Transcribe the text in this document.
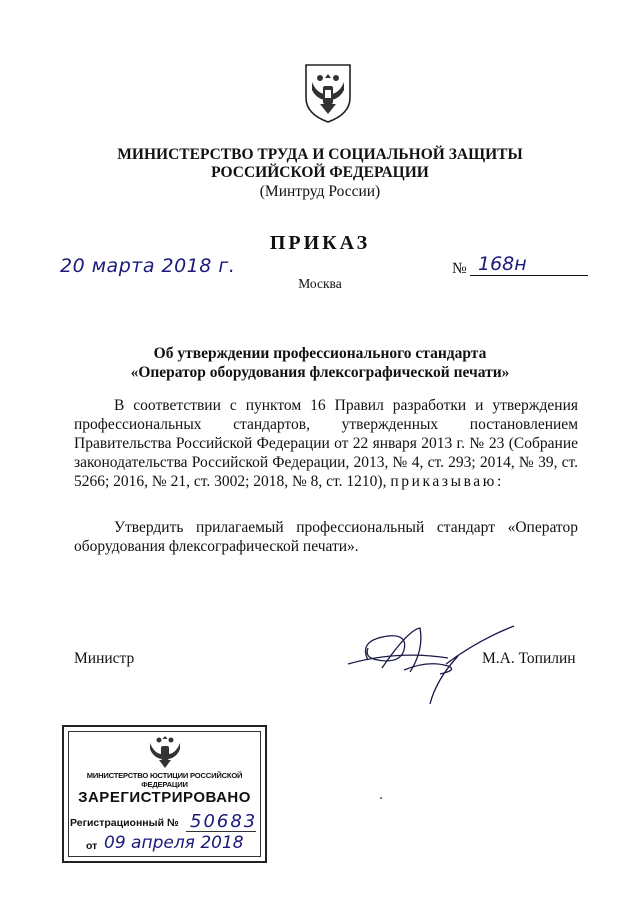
МИНИСТЕРСТВО ТРУДА И СОЦИАЛЬНОЙ ЗАЩИТЫ
РОССИЙСКОЙ ФЕДЕРАЦИИ
(Минтруд России)
ПРИКАЗ
20 марта 2018 г.	№ 168н
Москва
Об утверждении профессионального стандарта
«Оператор оборудования флексографической печати»
В соответствии с пунктом 16 Правил разработки и утверждения профессиональных стандартов, утвержденных постановлением Правительства Российской Федерации от 22 января 2013 г. № 23 (Собрание законодательства Российской Федерации, 2013, № 4, ст. 293; 2014, № 39, ст. 5266; 2016, № 21, ст. 3002; 2018, № 8, ст. 1210), приказываю:
Утвердить прилагаемый профессиональный стандарт «Оператор оборудования флексографической печати».
Министр	М.А. Топилин
МИНИСТЕРСТВО ЮСТИЦИИ РОССИЙСКОЙ ФЕДЕРАЦИИ
ЗАРЕГИСТРИРОВАНО
Регистрационный № 50683
от 09 апреля 2018
